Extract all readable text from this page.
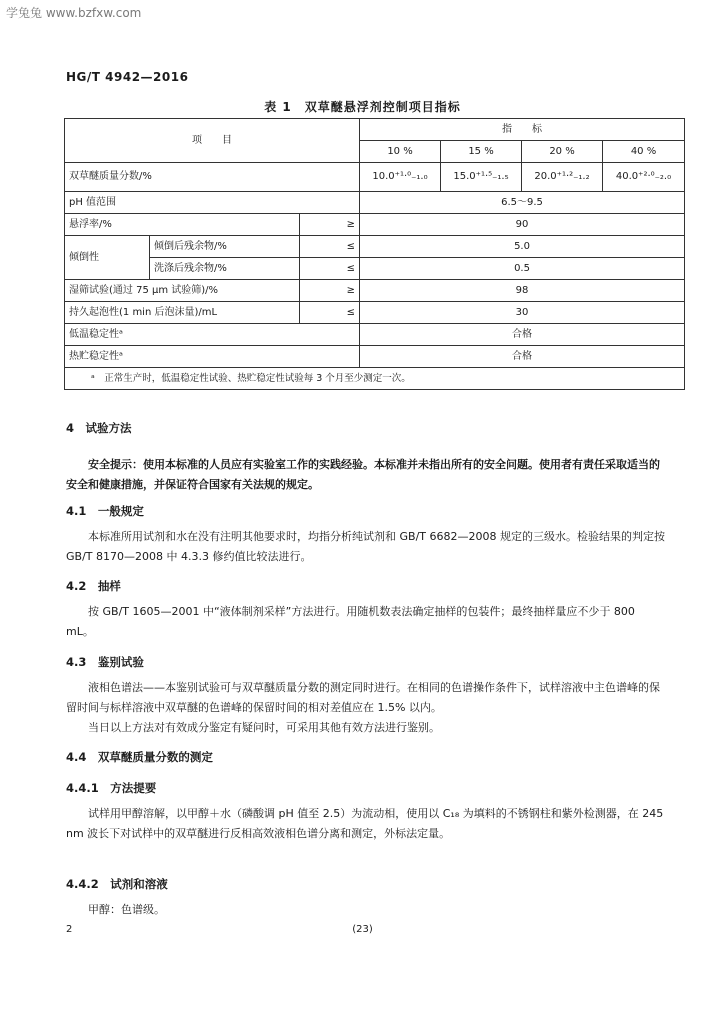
学兔兔 www.bzfxw.com
HG/T 4942—2016
表 1　双草醚悬浮剂控制项目指标
项　　目			指　　标			
			10 %	15 %	20 %	40 %
双草醚质量分数/%			10.0⁺¹·⁰₋₁.₀	15.0⁺¹·⁵₋₁.₅	20.0⁺¹·²₋₁.₂	40.0⁺²·⁰₋₂.₀
pH 值范围			6.5～9.5			
悬浮率/%		≥	90			
倾倒性	倾倒后残余物/%	≤	5.0			
	洗涤后残余物/%	≤	0.5			
湿筛试验(通过 75 μm 试验筛)/%		≥	98			
持久起泡性(1 min 后泡沫量)/mL		≤	30			
低温稳定性ᵃ			合格			
热贮稳定性ᵃ			合格			
ᵃ　正常生产时，低温稳定性试验、热贮稳定性试验每 3 个月至少测定一次。						
4　试验方法
安全提示：使用本标准的人员应有实验室工作的实践经验。本标准并未指出所有的安全问题。使用者有责任采取适当的安全和健康措施，并保证符合国家有关法规的规定。
4.1　一般规定
本标准所用试剂和水在没有注明其他要求时，均指分析纯试剂和 GB/T 6682—2008 规定的三级水。检验结果的判定按 GB/T 8170—2008 中 4.3.3 修约值比较法进行。
4.2　抽样
按 GB/T 1605—2001 中“液体制剂采样”方法进行。用随机数表法确定抽样的包装件；最终抽样量应不少于 800 mL。
4.3　鉴别试验
液相色谱法——本鉴别试验可与双草醚质量分数的测定同时进行。在相同的色谱操作条件下，试样溶液中主色谱峰的保留时间与标样溶液中双草醚的色谱峰的保留时间的相对差值应在 1.5% 以内。
当日以上方法对有效成分鉴定有疑问时，可采用其他有效方法进行鉴别。
4.4　双草醚质量分数的测定
4.4.1　方法提要
试样用甲醇溶解，以甲醇＋水（磷酸调 pH 值至 2.5）为流动相，使用以 C₁₈ 为填料的不锈钢柱和紫外检测器，在 245 nm 波长下对试样中的双草醚进行反相高效液相色谱分离和测定，外标法定量。
4.4.2　试剂和溶液
甲醇：色谱级。
2	(23)
